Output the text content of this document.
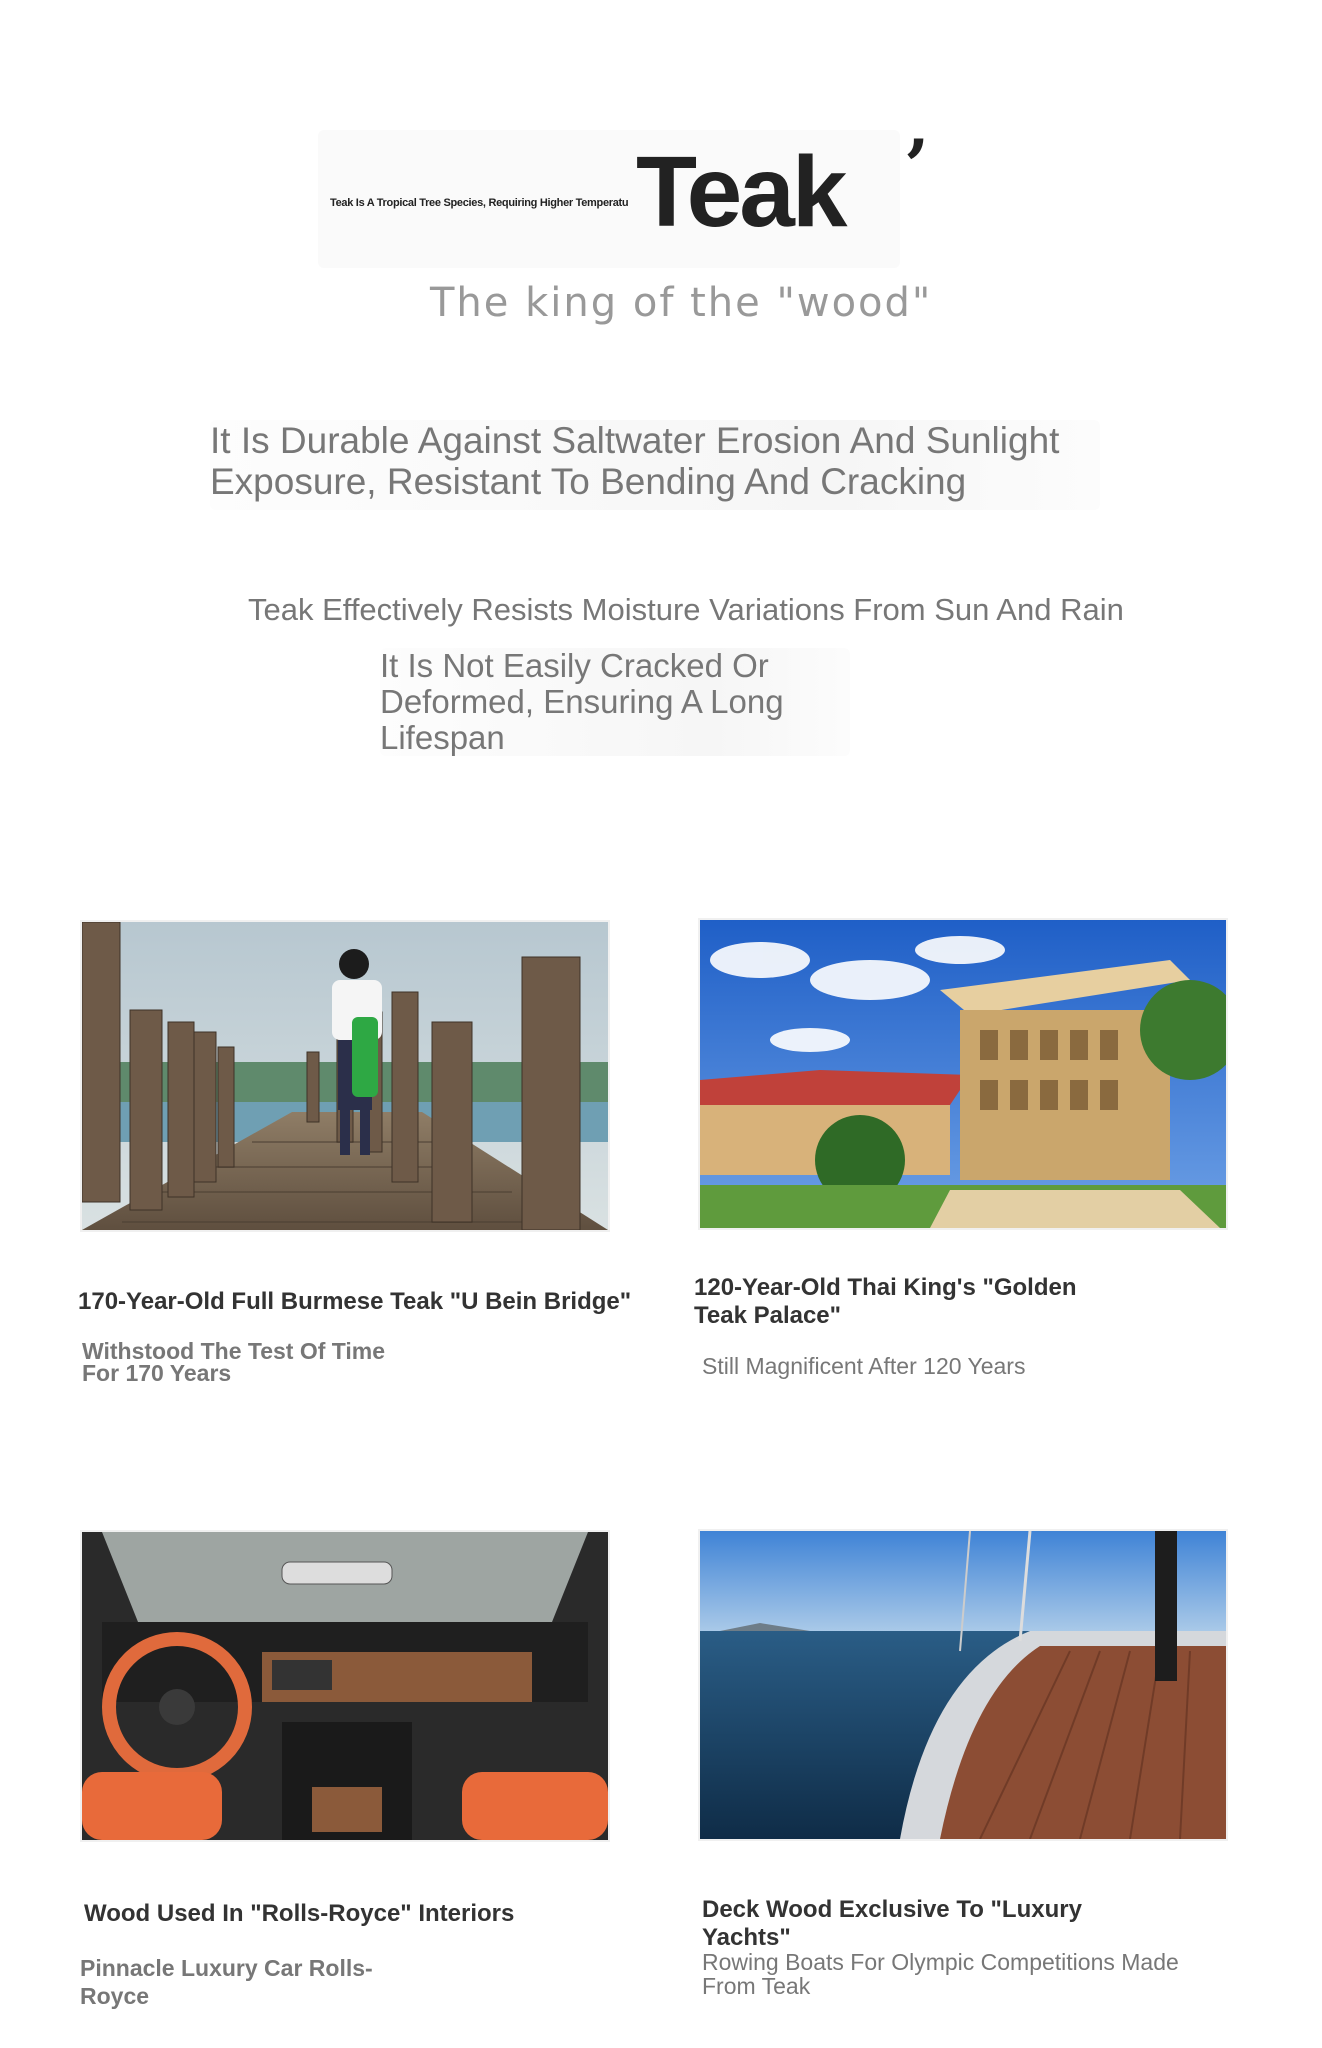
Teak Is A Tropical Tree Species, Requiring Higher Temperatu Teak ’
The king of the "wood"
It Is Durable Against Saltwater Erosion And Sunlight Exposure, Resistant To Bending And Cracking
Teak Effectively Resists Moisture Variations From Sun And Rain
It Is Not Easily Cracked Or Deformed, Ensuring A Long Lifespan
170-Year-Old Full Burmese Teak "U Bein Bridge"
Withstood The Test Of Time For 170 Years
120-Year-Old Thai King's "Golden Teak Palace"
Still Magnificent After 120 Years
Wood Used In "Rolls-Royce" Interiors
Pinnacle Luxury Car Rolls-Royce
Deck Wood Exclusive To "Luxury Yachts"
Rowing Boats For Olympic Competitions Made From Teak
